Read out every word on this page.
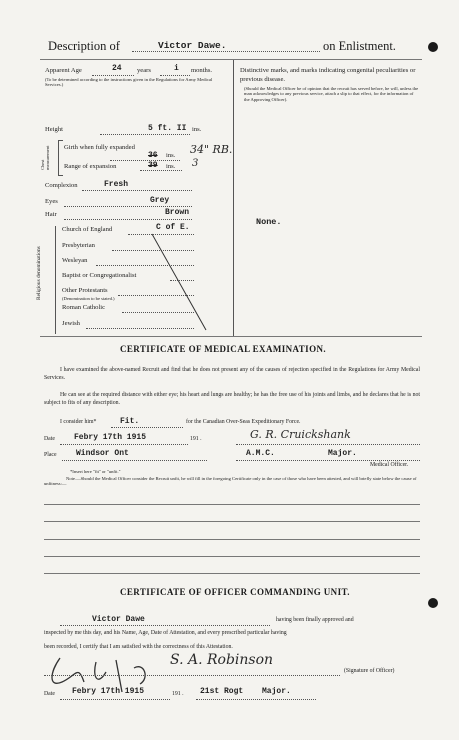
Description of	Victor Dawe.	on Enlistment.
Apparent Age	24 years	i months.
(To be determined according to the instructions given in the Regulations for Army Medical Services.)
Height	5 ft. II ins.
Chest measurement Girth when fully expanded
36 ins. 34" RB.
Range of expansion	39 ins. 3
Complexion	Fresh
Eyes	Grey
Hair	Brown
Religious denominations
Church of England	C of E.
Presbyterian
Wesleyan
Baptist or Congregationalist
Other Protestants
(Denomination to be stated.)
Roman Catholic
Jewish
Distinctive marks, and marks indicating congenital peculiarities or previous disease.
(Should the Medical Officer be of opinion that the recruit has served before, he will, unless the man acknowledges to any previous service, attach a slip to that effect, for the information of the Approving Officer).
None.
CERTIFICATE OF MEDICAL EXAMINATION.
I have examined the above-named Recruit and find that he does not present any of the causes of rejection specified in the Regulations for Army Medical Services.
He can see at the required distance with either eye; his heart and lungs are healthy; he has the free use of his joints and limbs, and he declares that he is not subject to fits of any description.
I consider him*	Fit.	for the Canadian Over-Seas Expeditionary Force.
Date Febry 17th 1915	191 .	G. R. Cruickshank
Place Windsor Ont	A.M.C.	Major.
Medical Officer.
*Insert here "fit" or "unfit."
Note.—Should the Medical Officer consider the Recruit unfit, he will fill in the foregoing Certificate only in the case of those who have been attested, and will briefly state below the cause of unfitness:—
CERTIFICATE OF OFFICER COMMANDING UNIT.
Victor Dawe	having been finally approved and
inspected by me this day, and his Name, Age, Date of Attestation, and every prescribed particular having
been recorded, I certify that I am satisfied with the correctness of this Attestation.
S. A. Robinson
(Signature of Officer)
Date Febry 17th 1915	191 . 21st Rogt Major.
